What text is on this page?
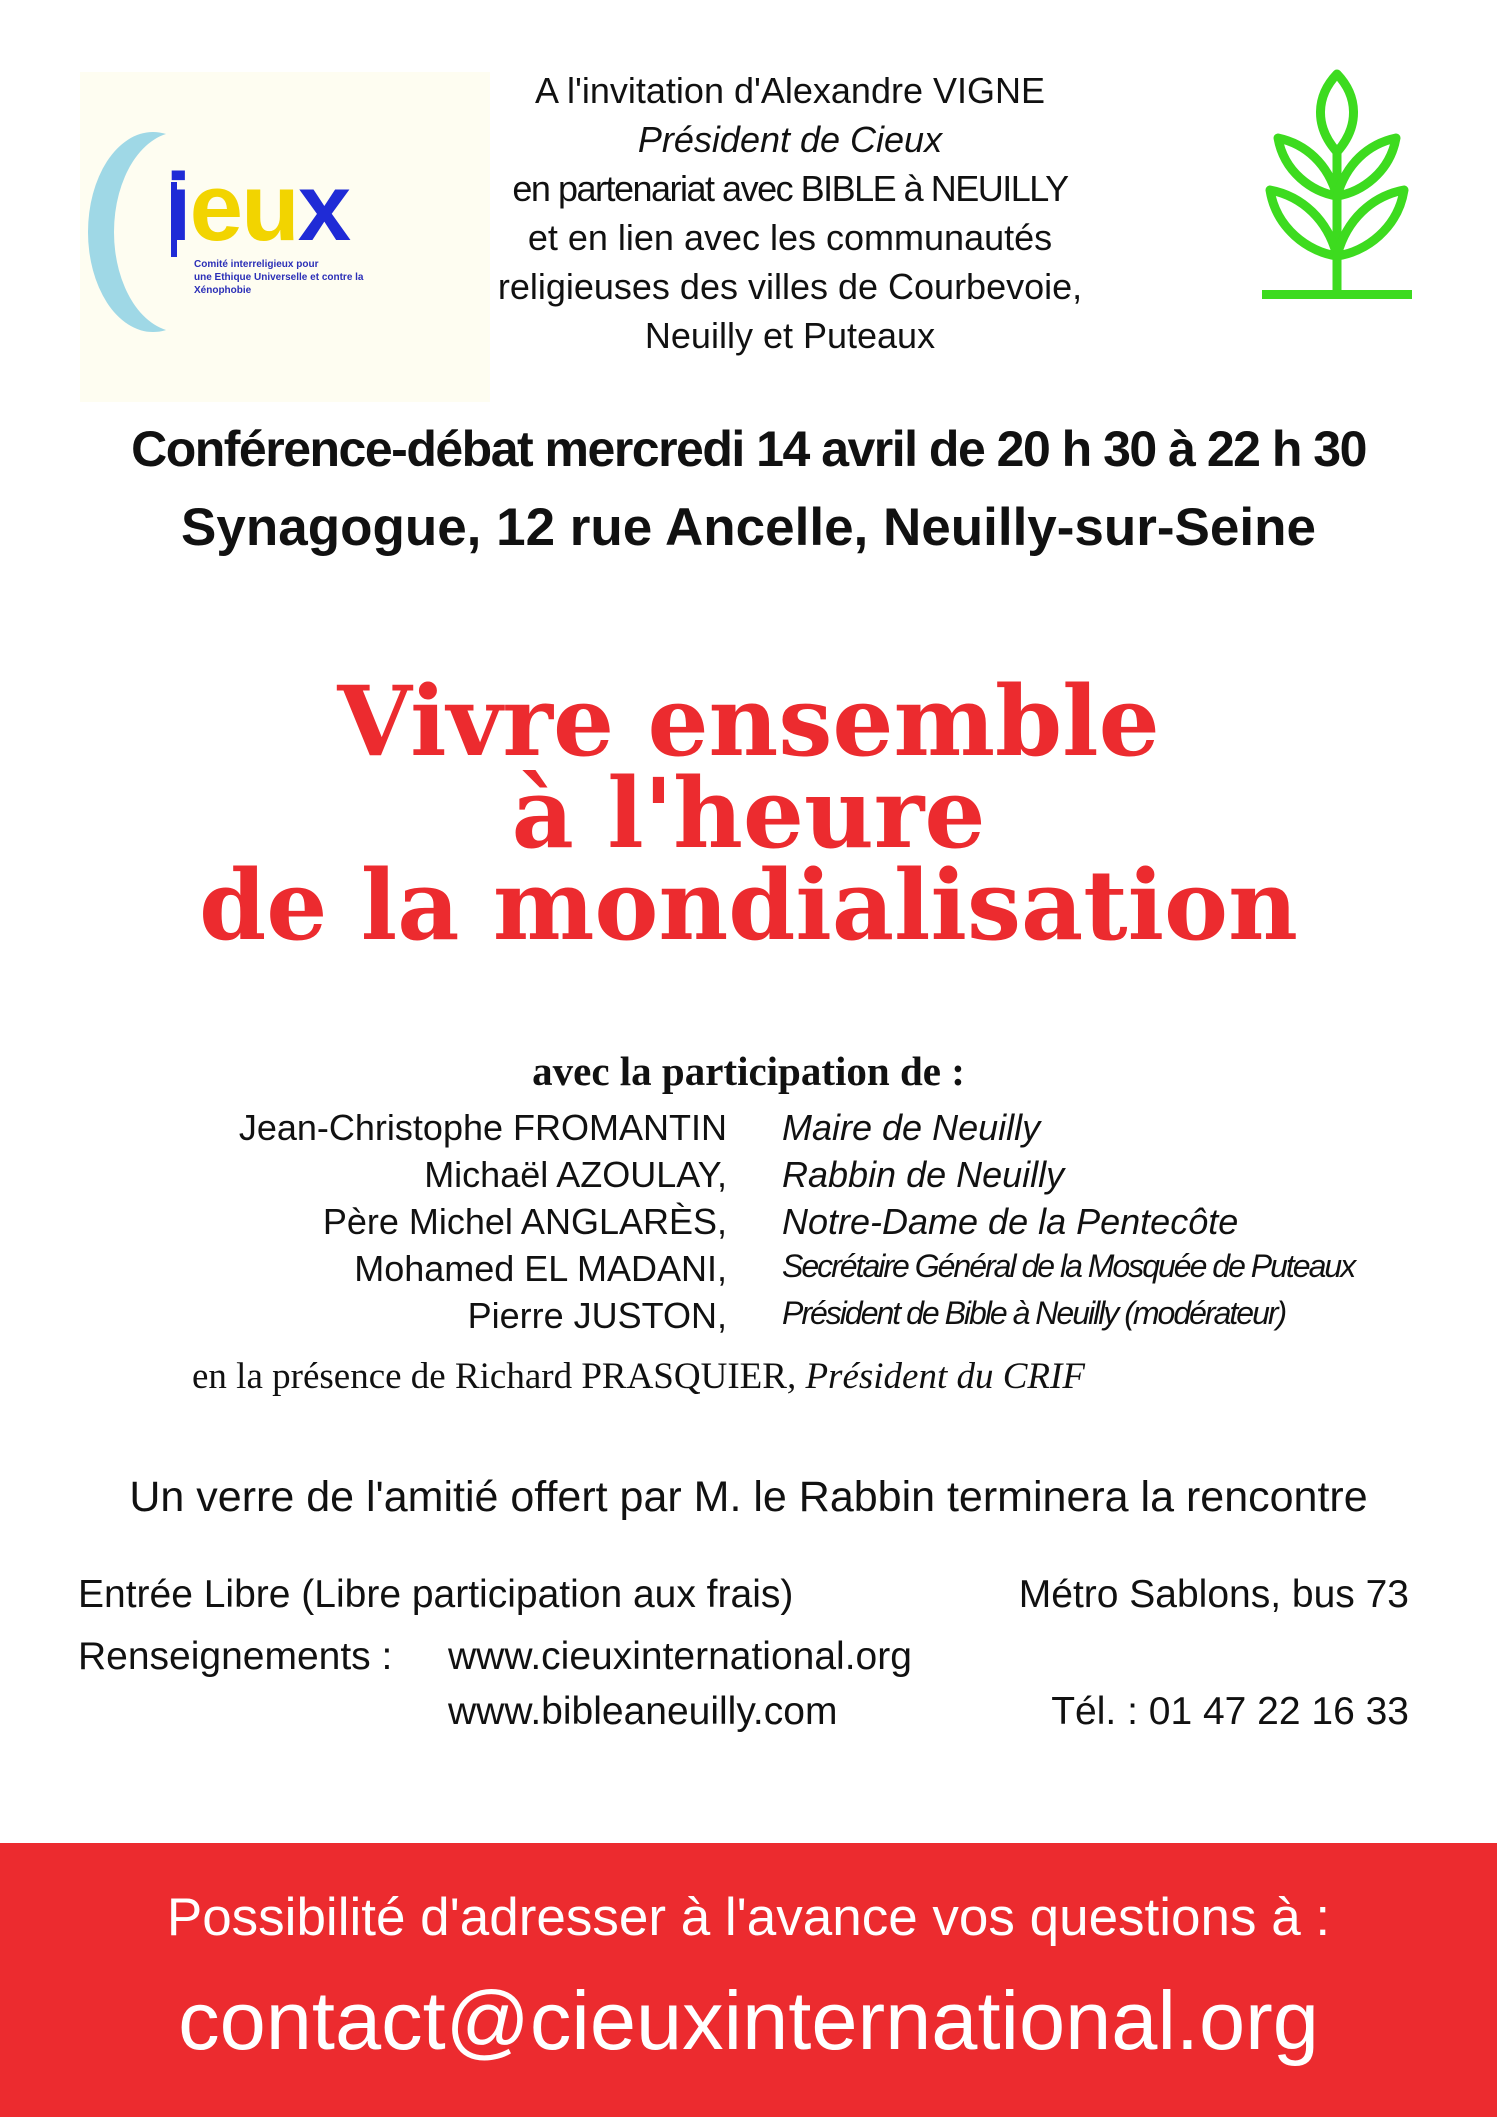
ieux
Comité interreligieux pour
une Ethique Universelle et contre la Xénophobie
A l'invitation d'Alexandre VIGNE
Président de Cieux
en partenariat avec BIBLE à NEUILLY
et en lien avec les communautés
religieuses des villes de Courbevoie,
Neuilly et Puteaux
Conférence-débat mercredi 14 avril de 20 h 30 à 22 h 30
Synagogue, 12 rue Ancelle, Neuilly-sur-Seine
Vivre ensemble
à l'heure
de la mondialisation
avec la participation de :
Jean-Christophe FROMANTIN Maire de Neuilly
Michaël AZOULAY, Rabbin de Neuilly
Père Michel ANGLARÈS, Notre-Dame de la Pentecôte
Mohamed EL MADANI, Secrétaire Général de la Mosquée de Puteaux
Pierre JUSTON, Président de Bible à Neuilly (modérateur)
en la présence de Richard PRASQUIER, Président du CRIF
Un verre de l'amitié offert par M. le Rabbin terminera la rencontre
Entrée Libre (Libre participation aux frais)	Métro Sablons, bus 73
Renseignements : www.cieuxinternational.org
www.bibleaneuilly.com	Tél. : 01 47 22 16 33
Possibilité d'adresser à l'avance vos questions à :
contact@cieuxinternational.org
